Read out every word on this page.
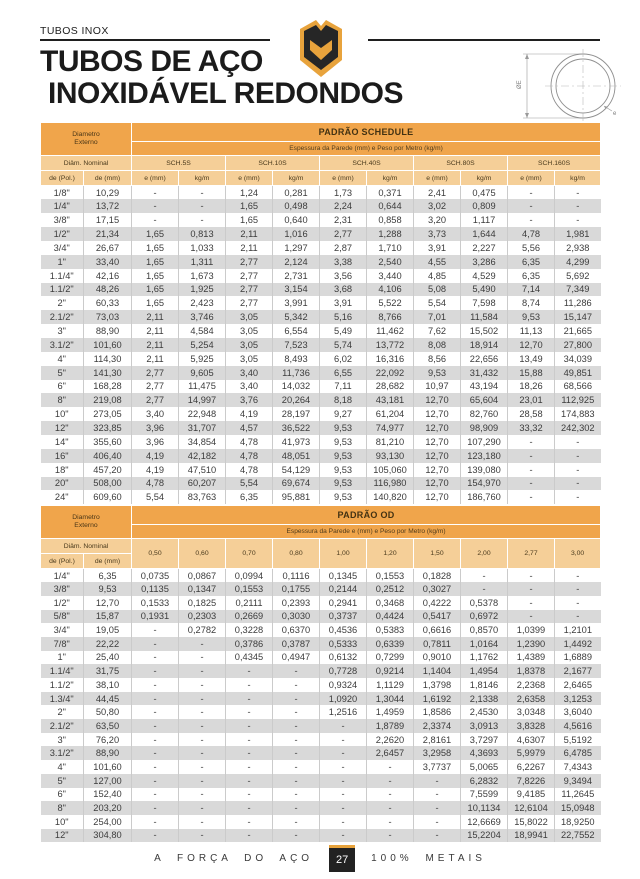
TUBOS INOX
TUBOS DE AÇO
INOXIDÁVEL REDONDOS	ØE
e
Diametro
Externo		PADRÃO SCHEDULE									
		Espessura da Parede (mm) e Peso por Metro (kg/m)									
Diâm. Nominal		SCH.5S		SCH.10S		SCH.40S		SCH.80S		SCH.160S	
de (Pol.)	de (mm)	e (mm)	kg/m	e (mm)	kg/m	e (mm)	kg/m	e (mm)	kg/m	e (mm)	kg/m
1/8"	10,29	-	-	1,24	0,281	1,73	0,371	2,41	0,475	-	-
1/4"	13,72	-	-	1,65	0,498	2,24	0,644	3,02	0,809	-	-
3/8"	17,15	-	-	1,65	0,640	2,31	0,858	3,20	1,117	-	-
1/2"	21,34	1,65	0,813	2,11	1,016	2,77	1,288	3,73	1,644	4,78	1,981
3/4"	26,67	1,65	1,033	2,11	1,297	2,87	1,710	3,91	2,227	5,56	2,938
1"	33,40	1,65	1,311	2,77	2,124	3,38	2,540	4,55	3,286	6,35	4,299
1.1/4"	42,16	1,65	1,673	2,77	2,731	3,56	3,440	4,85	4,529	6,35	5,692
1.1/2"	48,26	1,65	1,925	2,77	3,154	3,68	4,106	5,08	5,490	7,14	7,349
2"	60,33	1,65	2,423	2,77	3,991	3,91	5,522	5,54	7,598	8,74	11,286
2.1/2"	73,03	2,11	3,746	3,05	5,342	5,16	8,766	7,01	11,584	9,53	15,147
3"	88,90	2,11	4,584	3,05	6,554	5,49	11,462	7,62	15,502	11,13	21,665
3.1/2"	101,60	2,11	5,254	3,05	7,523	5,74	13,772	8,08	18,914	12,70	27,800
4"	114,30	2,11	5,925	3,05	8,493	6,02	16,316	8,56	22,656	13,49	34,039
5"	141,30	2,77	9,605	3,40	11,736	6,55	22,092	9,53	31,432	15,88	49,851
6"	168,28	2,77	11,475	3,40	14,032	7,11	28,682	10,97	43,194	18,26	68,566
8"	219,08	2,77	14,997	3,76	20,264	8,18	43,181	12,70	65,604	23,01	112,925
10"	273,05	3,40	22,948	4,19	28,197	9,27	61,204	12,70	82,760	28,58	174,883
12"	323,85	3,96	31,707	4,57	36,522	9,53	74,977	12,70	98,909	33,32	242,302
14"	355,60	3,96	34,854	4,78	41,973	9,53	81,210	12,70	107,290	-	-
16"	406,40	4,19	42,182	4,78	48,051	9,53	93,130	12,70	123,180	-	-
18"	457,20	4,19	47,510	4,78	54,129	9,53	105,060	12,70	139,080	-	-
20"	508,00	4,78	60,207	5,54	69,674	9,53	116,980	12,70	154,970	-	-
24"	609,60	5,54	83,763	6,35	95,881	9,53	140,820	12,70	186,760	-	-
Diametro
Externo		PADRÃO OD									
		Espessura da Parede e (mm) e Peso por Metro (kg/m)									
Diâm. Nominal		0,50	0,60	0,70	0,80	1,00	1,20	1,50	2,00	2,77	3,00
de (Pol.)	de (mm)										
1/4"	6,35	0,0735	0,0867	0,0994	0,1116	0,1345	0,1553	0,1828	-	-	-
3/8"	9,53	0,1135	0,1347	0,1553	0,1755	0,2144	0,2512	0,3027	-	-	-
1/2"	12,70	0,1533	0,1825	0,2111	0,2393	0,2941	0,3468	0,4222	0,5378	-	-
5/8"	15,87	0,1931	0,2303	0,2669	0,3030	0,3737	0,4424	0,5417	0,6972	-	-
3/4"	19,05	-	0,2782	0,3228	0,6370	0,4536	0,5383	0,6616	0,8570	1,0399	1,2101
7/8"	22,22	-	-	0,3786	0,3787	0,5333	0,6339	0,7811	1,0164	1,2390	1,4492
1"	25,40	-	-	0,4345	0,4947	0,6132	0,7299	0,9010	1,1762	1,4389	1,6889
1.1/4"	31,75	-	-	-	-	0,7728	0,9214	1,1404	1,4954	1,8378	2,1677
1.1/2"	38,10	-	-	-	-	0,9324	1,1129	1,3798	1,8146	2,2368	2,6465
1.3/4"	44,45	-	-	-	-	1,0920	1,3044	1,6192	2,1338	2,6358	3,1253
2"	50,80	-	-	-	-	1,2516	1,4959	1,8586	2,4530	3,0348	3,6040
2.1/2"	63,50	-	-	-	-	-	1,8789	2,3374	3,0913	3,8328	4,5616
3"	76,20	-	-	-	-	-	2,2620	2,8161	3,7297	4,6307	5,5192
3.1/2"	88,90	-	-	-	-	-	2,6457	3,2958	4,3693	5,9979	6,4785
4"	101,60	-	-	-	-	-	-	3,7737	5,0065	6,2267	7,4343
5"	127,00	-	-	-	-	-	-	-	6,2832	7,8226	9,3494
6"	152,40	-	-	-	-	-	-	-	7,5599	9,4185	11,2645
8"	203,20	-	-	-	-	-	-	-	10,1134	12,6104	15,0948
10"	254,00	-	-	-	-	-	-	-	12,6669	15,8022	18,9250
12"	304,80	-	-	-	-	-	-	-	15,2204	18,9941	22,7552
A FORÇA DO AÇO 27 100% METAIS
